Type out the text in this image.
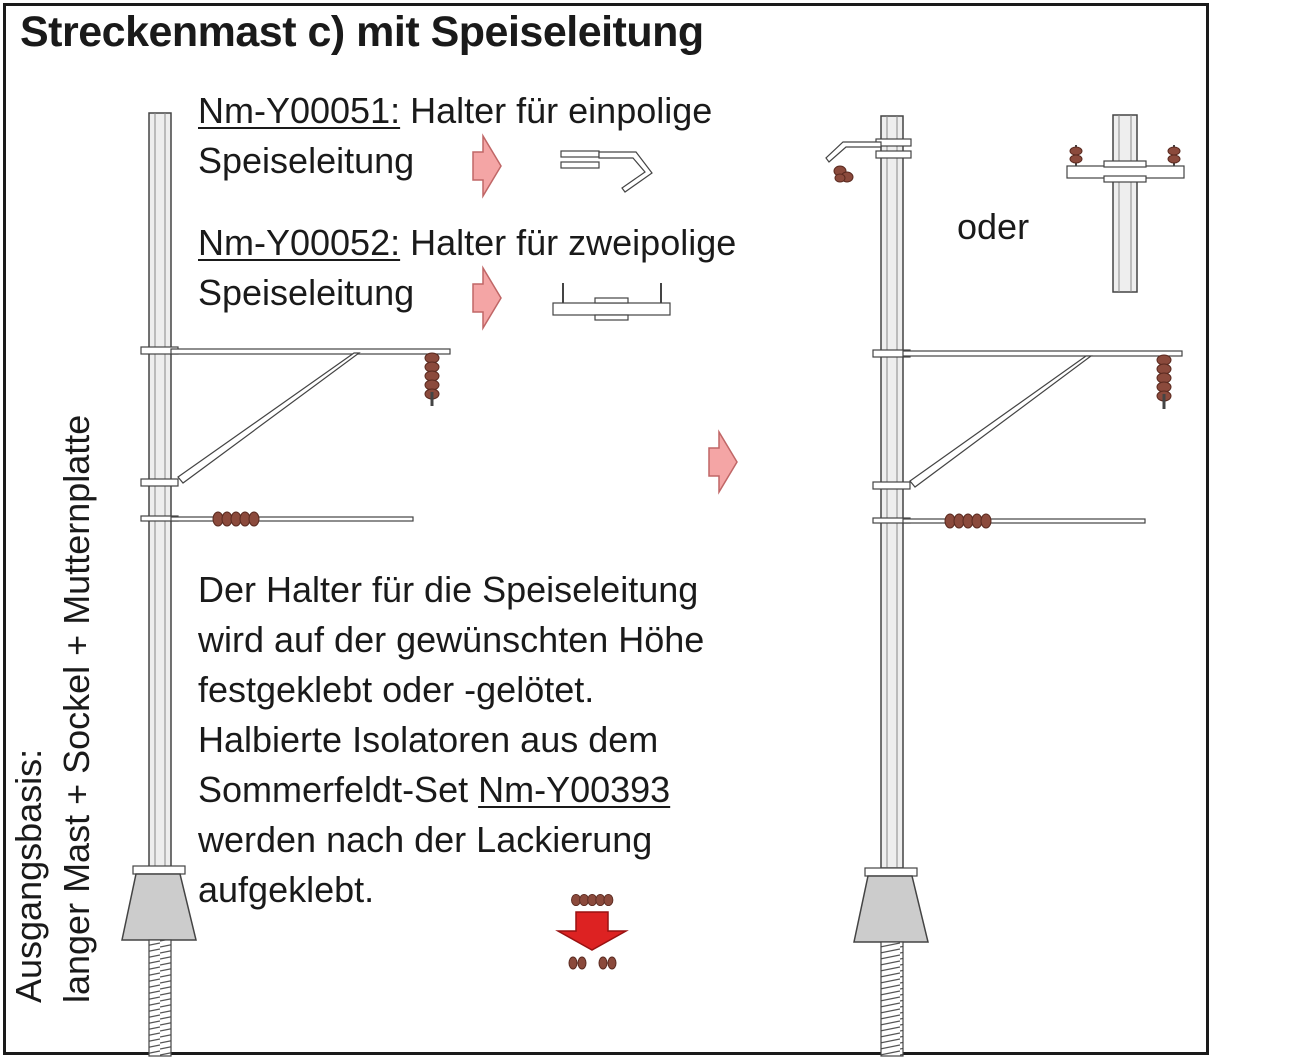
Streckenmast c) mit Speiseleitung
Nm-Y00051: Halter für einpolige
Speiseleitung
Nm-Y00052: Halter für zweipolige
Speiseleitung
oder
Der Halter für die Speiseleitung
wird auf der gewünschten Höhe
festgeklebt oder -gelötet.
Halbierte Isolatoren aus dem
Sommerfeldt-Set Nm-Y00393
werden nach der Lackierung
aufgeklebt.
Ausgangsbasis: langer Mast + Sockel + Mutternplatte
